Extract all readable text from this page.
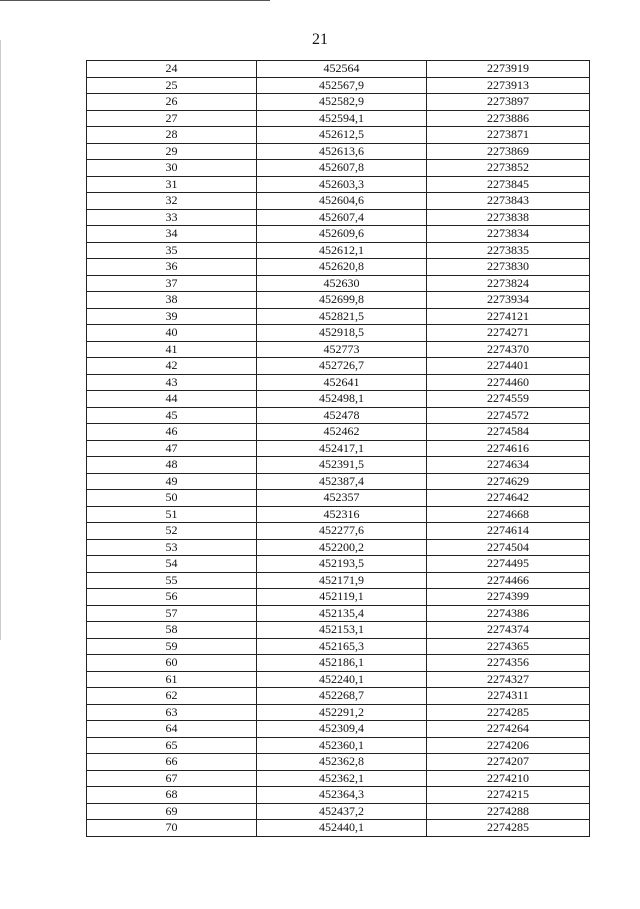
21
24	452564	2273919
25	452567,9	2273913
26	452582,9	2273897
27	452594,1	2273886
28	452612,5	2273871
29	452613,6	2273869
30	452607,8	2273852
31	452603,3	2273845
32	452604,6	2273843
33	452607,4	2273838
34	452609,6	2273834
35	452612,1	2273835
36	452620,8	2273830
37	452630	2273824
38	452699,8	2273934
39	452821,5	2274121
40	452918,5	2274271
41	452773	2274370
42	452726,7	2274401
43	452641	2274460
44	452498,1	2274559
45	452478	2274572
46	452462	2274584
47	452417,1	2274616
48	452391,5	2274634
49	452387,4	2274629
50	452357	2274642
51	452316	2274668
52	452277,6	2274614
53	452200,2	2274504
54	452193,5	2274495
55	452171,9	2274466
56	452119,1	2274399
57	452135,4	2274386
58	452153,1	2274374
59	452165,3	2274365
60	452186,1	2274356
61	452240,1	2274327
62	452268,7	2274311
63	452291,2	2274285
64	452309,4	2274264
65	452360,1	2274206
66	452362,8	2274207
67	452362,1	2274210
68	452364,3	2274215
69	452437,2	2274288
70	452440,1	2274285
